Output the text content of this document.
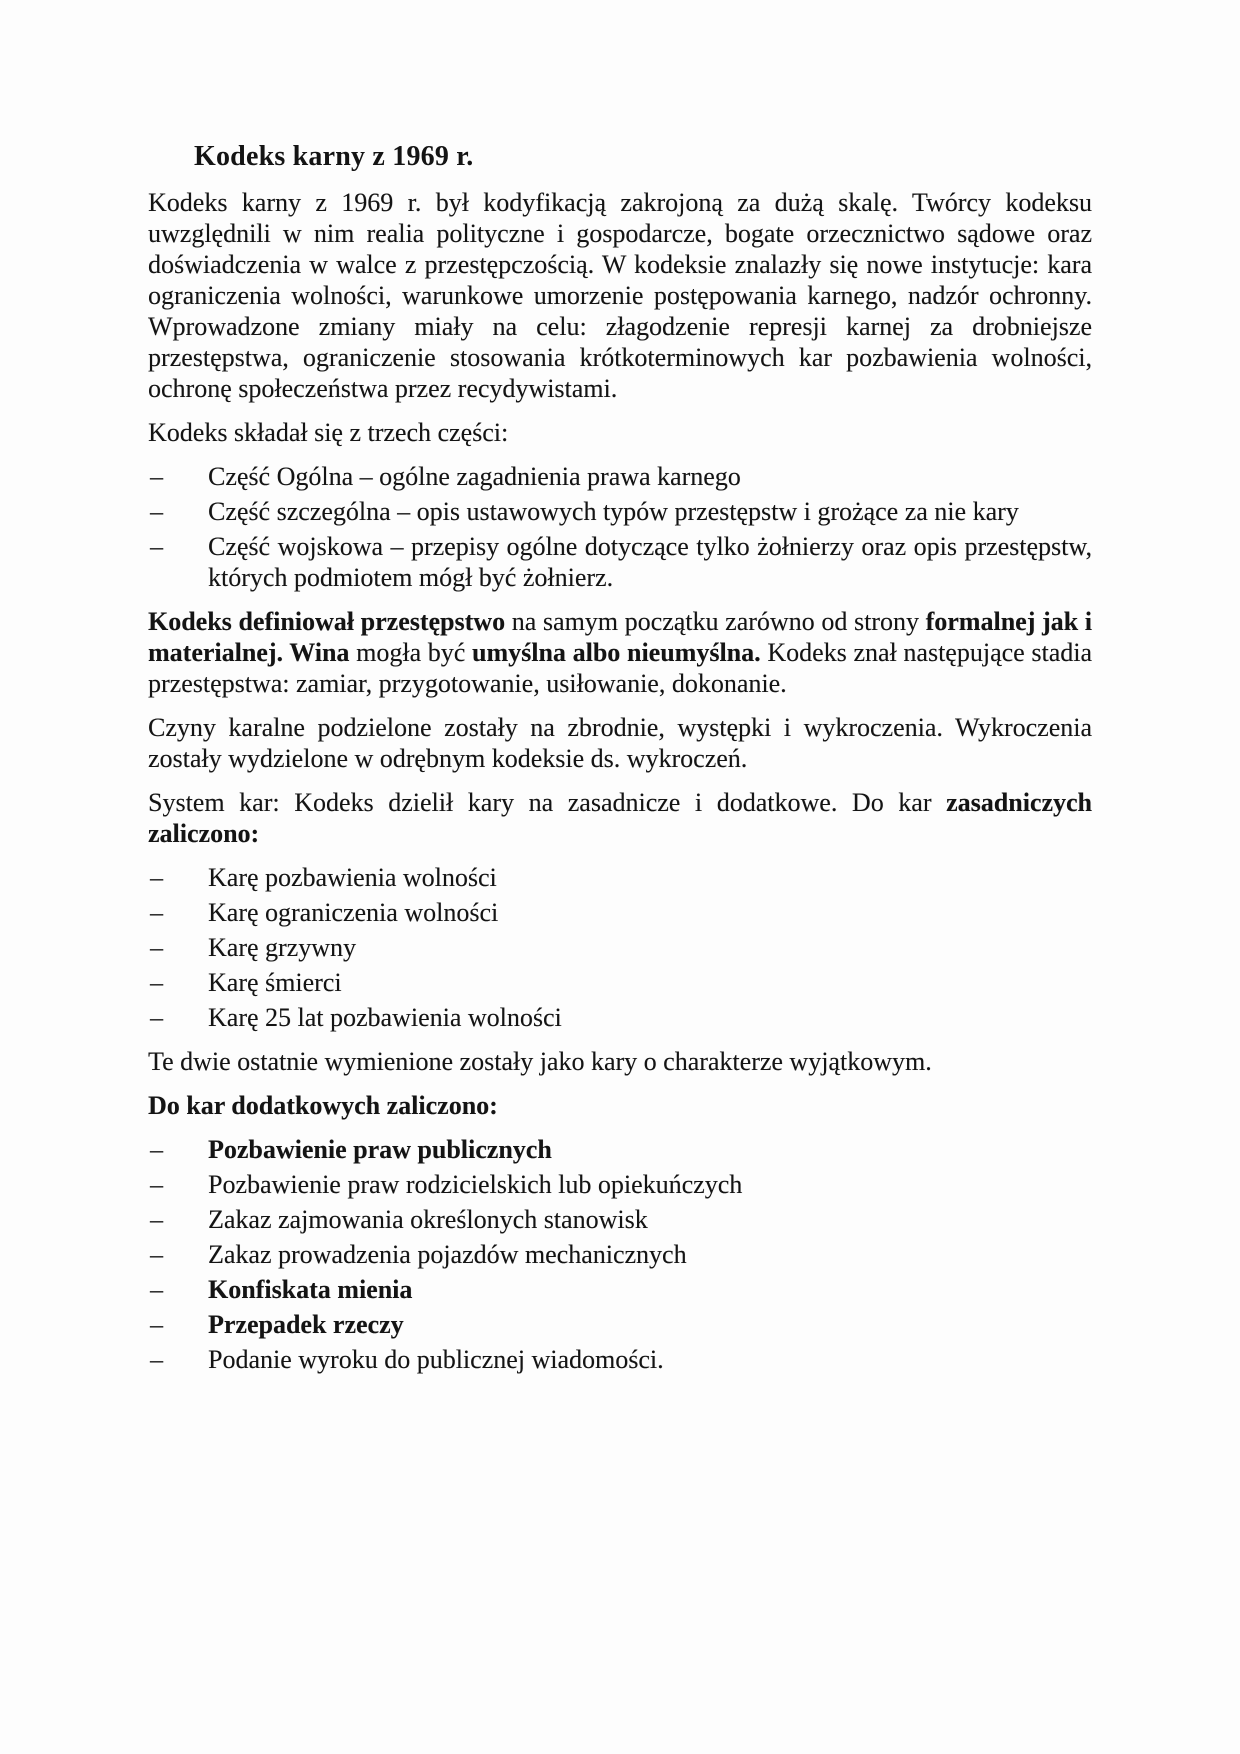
Kodeks karny z 1969 r.

Kodeks karny z 1969 r. był kodyfikacją zakrojoną za dużą skalę. Twórcy kodeksu uwzględnili w nim realia polityczne i gospodarcze, bogate orzecznictwo sądowe oraz doświadczenia w walce z przestępczością. W kodeksie znalazły się nowe instytucje: kara ograniczenia wolności, warunkowe umorzenie postępowania karnego, nadzór ochronny. Wprowadzone zmiany miały na celu: złagodzenie represji karnej za drobniejsze przestępstwa, ograniczenie stosowania krótkoterminowych kar pozbawienia wolności, ochronę społeczeństwa przez recydywistami.

Kodeks składał się z trzech części:

– Część Ogólna – ogólne zagadnienia prawa karnego
– Część szczególna – opis ustawowych typów przestępstw i grożące za nie kary
– Część wojskowa – przepisy ogólne dotyczące tylko żołnierzy oraz opis przestępstw, których podmiotem mógł być żołnierz.

Kodeks definiował przestępstwo na samym początku zarówno od strony formalnej jak i materialnej. Wina mogła być umyślna albo nieumyślna. Kodeks znał następujące stadia przestępstwa: zamiar, przygotowanie, usiłowanie, dokonanie.

Czyny karalne podzielone zostały na zbrodnie, występki i wykroczenia. Wykroczenia zostały wydzielone w odrębnym kodeksie ds. wykroczeń.

System kar: Kodeks dzielił kary na zasadnicze i dodatkowe. Do kar zasadniczych zaliczono:

– Karę pozbawienia wolności
– Karę ograniczenia wolności
– Karę grzywny
– Karę śmierci
– Karę 25 lat pozbawienia wolności

Te dwie ostatnie wymienione zostały jako kary o charakterze wyjątkowym.

Do kar dodatkowych zaliczono:

– Pozbawienie praw publicznych
– Pozbawienie praw rodzicielskich lub opiekuńczych
– Zakaz zajmowania określonych stanowisk
– Zakaz prowadzenia pojazdów mechanicznych
– Konfiskata mienia
– Przepadek rzeczy
– Podanie wyroku do publicznej wiadomości.
